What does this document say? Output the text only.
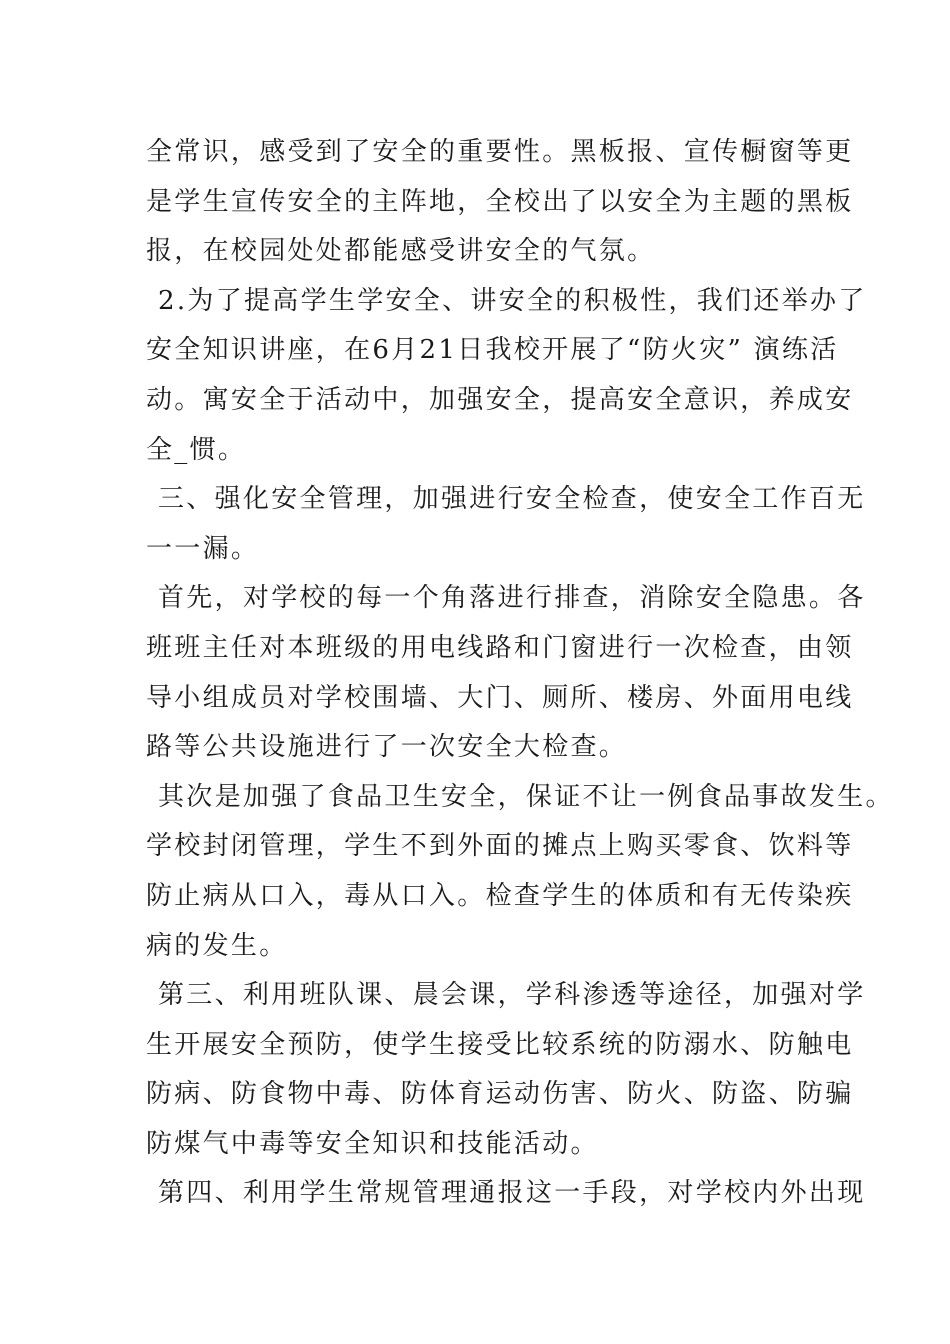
全常识，感受到了安全的重要性。黑板报、宣传橱窗等更
是学生宣传安全的主阵地，全校出了以安全为主题的黑板
报，在校园处处都能感受讲安全的气氛。
2.为了提高学生学安全、讲安全的积极性，我们还举办了
安全知识讲座，在6月21日我校开展了“防火灾” 演练活
动。寓安全于活动中，加强安全，提高安全意识，养成安
全_惯。
三、强化安全管理，加强进行安全检查，使安全工作百无
一一漏。
首先，对学校的每一个角落进行排查，消除安全隐患。各
班班主任对本班级的用电线路和门窗进行一次检查，由领
导小组成员对学校围墙、大门、厕所、楼房、外面用电线
路等公共设施进行了一次安全大检查。
其次是加强了食品卫生安全，保证不让一例食品事故发生。
学校封闭管理，学生不到外面的摊点上购买零食、饮料等
防止病从口入，毒从口入。检查学生的体质和有无传染疾
病的发生。
第三、利用班队课、晨会课，学科渗透等途径，加强对学
生开展安全预防，使学生接受比较系统的防溺水、防触电
防病、防食物中毒、防体育运动伤害、防火、防盗、防骗
防煤气中毒等安全知识和技能活动。
第四、利用学生常规管理通报这一手段，对学校内外出现
